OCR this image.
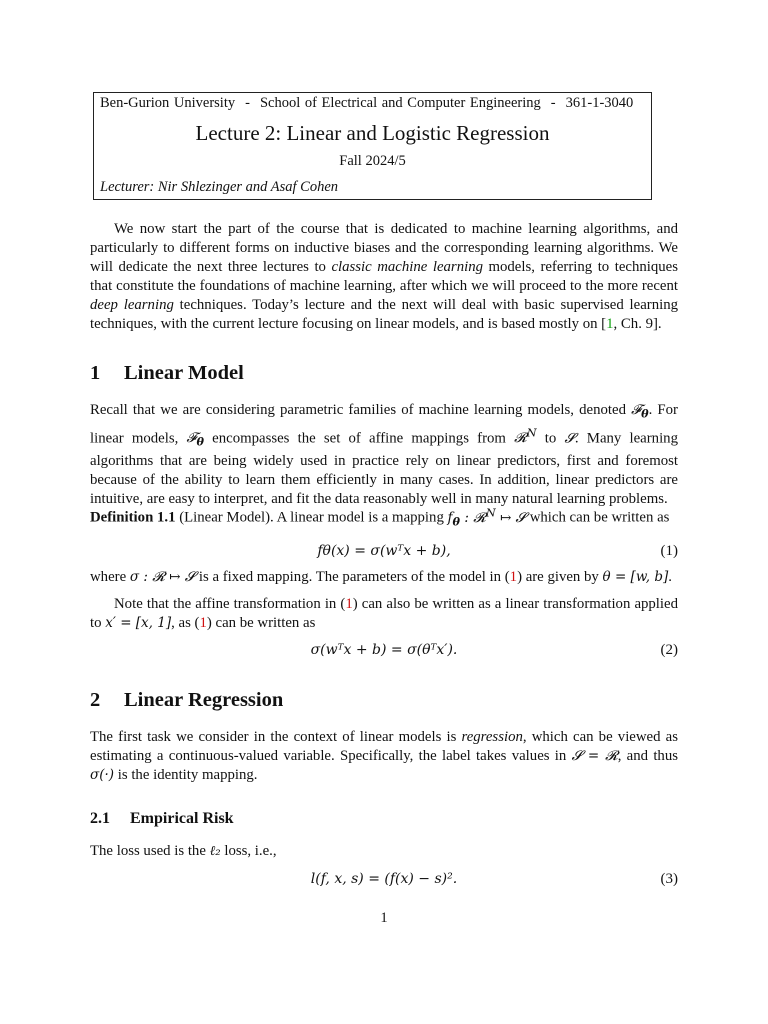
Ben-Gurion University - School of Electrical and Computer Engineering - 361-1-3040
Lecture 2: Linear and Logistic Regression
Fall 2024/5
Lecturer: Nir Shlezinger and Asaf Cohen

We now start the part of the course that is dedicated to machine learning algorithms, and particularly to different forms on inductive biases and the corresponding learning algorithms. We will dedicate the next three lectures to classic machine learning models, referring to techniques that constitute the foundations of machine learning, after which we will proceed to the more recent deep learning techniques. Today’s lecture and the next will deal with basic supervised learning techniques, with the current lecture focusing on linear models, and is based mostly on [1, Ch. 9].

1 Linear Model

Recall that we are considering parametric families of machine learning models, denoted 𝓕$_\theta$. For linear models, 𝓕$_\theta$ encompasses the set of affine mappings from 𝓡$^N$ to 𝓢. Many learning algorithms that are being widely used in practice rely on linear predictors, first and foremost because of the ability to learn them efficiently in many cases. In addition, linear predictors are intuitive, are easy to interpret, and fit the data reasonably well in many natural learning problems.

Definition 1.1 (Linear Model). A linear model is a mapping $f_\theta$ : 𝓡$^N$ ↦ 𝓢 which can be written as

fθ(x) = σ(wᵀx + b),	(1)

where σ : 𝓡 ↦ 𝓢 is a fixed mapping. The parameters of the model in (1) are given by θ = [w, b].

Note that the affine transformation in (1) can also be written as a linear transformation applied to x′ = [x, 1], as (1) can be written as

σ(wᵀx + b) = σ(θᵀx′).	(2)
2 Linear Regression

The first task we consider in the context of linear models is regression, which can be viewed as estimating a continuous-valued variable. Specifically, the label takes values in 𝓢 = 𝓡, and thus σ(·) is the identity mapping.

2.1 Empirical Risk

The loss used is the ℓ₂ loss, i.e.,

l(f, x, s) = (f(x) − s)².	(3)
1
